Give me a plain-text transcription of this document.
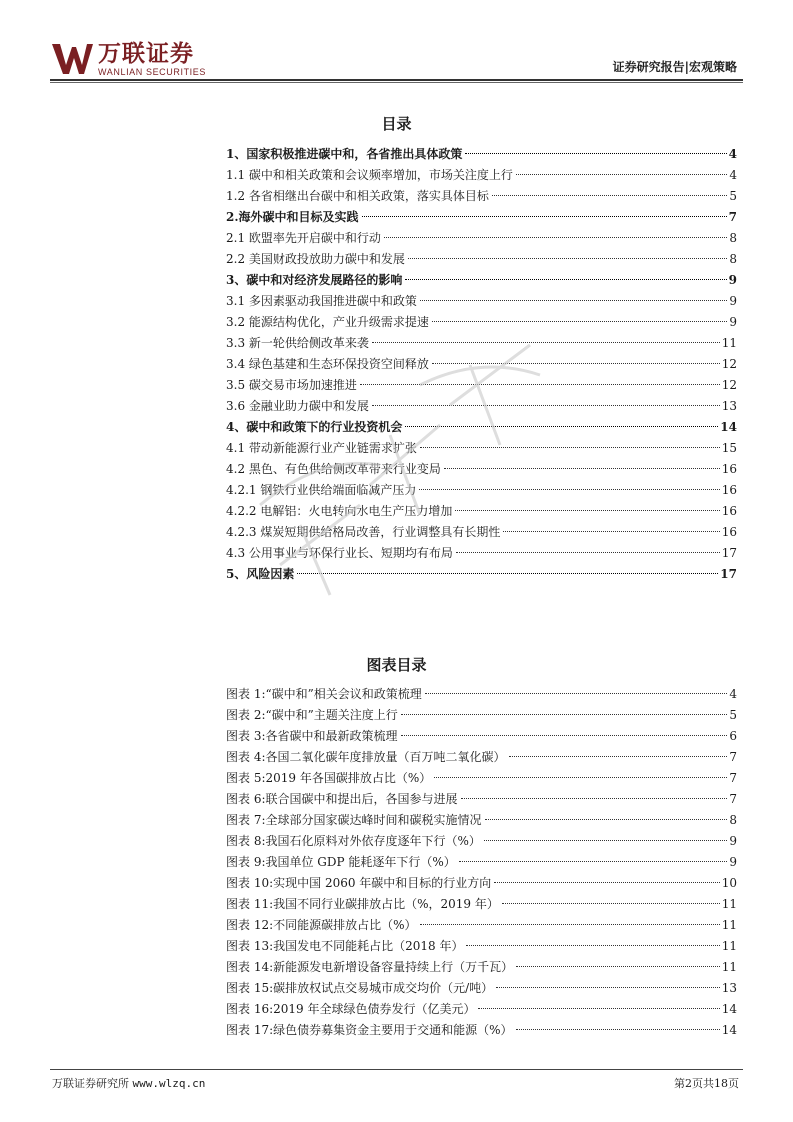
万联证券
WANLIAN SECURITIES	证券研究报告|宏观策略
目录
1、国家积极推进碳中和，各省推出具体政策	4
1.1 碳中和相关政策和会议频率增加，市场关注度上行	4
1.2 各省相继出台碳中和相关政策，落实具体目标	5
2.海外碳中和目标及实践	7
2.1 欧盟率先开启碳中和行动	8
2.2 美国财政投放助力碳中和发展	8
3、碳中和对经济发展路径的影响	9
3.1 多因素驱动我国推进碳中和政策	9
3.2 能源结构优化，产业升级需求提速	9
3.3 新一轮供给侧改革来袭	11
3.4 绿色基建和生态环保投资空间释放	12
3.5 碳交易市场加速推进	12
3.6 金融业助力碳中和发展	13
4、碳中和政策下的行业投资机会	14
4.1 带动新能源行业产业链需求扩张	15
4.2 黑色、有色供给侧改革带来行业变局	16
4.2.1 钢铁行业供给端面临减产压力	16
4.2.2 电解铝：火电转向水电生产压力增加	16
4.2.3 煤炭短期供给格局改善，行业调整具有长期性	16
4.3 公用事业与环保行业长、短期均有布局	17
5、风险因素	17
图表目录
图表 1:“碳中和”相关会议和政策梳理	4
图表 2:“碳中和”主题关注度上行	5
图表 3:各省碳中和最新政策梳理	6
图表 4:各国二氧化碳年度排放量（百万吨二氧化碳）	7
图表 5:2019 年各国碳排放占比（%）	7
图表 6:联合国碳中和提出后，各国参与进展	7
图表 7:全球部分国家碳达峰时间和碳税实施情况	8
图表 8:我国石化原料对外依存度逐年下行（%）	9
图表 9:我国单位 GDP 能耗逐年下行（%）	9
图表 10:实现中国 2060 年碳中和目标的行业方向	10
图表 11:我国不同行业碳排放占比（%，2019 年）	11
图表 12:不同能源碳排放占比（%）	11
图表 13:我国发电不同能耗占比（2018 年）	11
图表 14:新能源发电新增设备容量持续上行（万千瓦）	11
图表 15:碳排放权试点交易城市成交均价（元/吨）	13
图表 16:2019 年全球绿色债券发行（亿美元）	14
图表 17:绿色债券募集资金主要用于交通和能源（%）	14
万联证券研究所 www.wlzq.cn	第2页共18页
